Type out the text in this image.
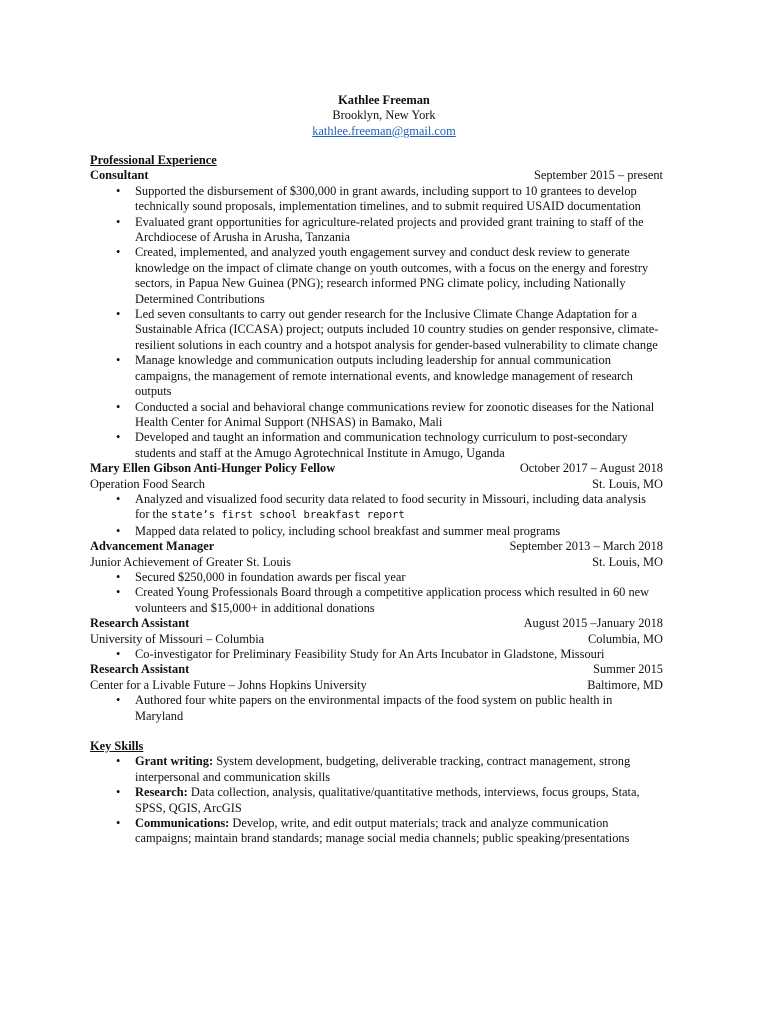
Kathlee Freeman
Brooklyn, New York
kathlee.freeman@gmail.com
Professional Experience
Consultant	September 2015 – present
• Supported the disbursement of $300,000 in grant awards, including support to 10 grantees to develop technically sound proposals, implementation timelines, and to submit required USAID documentation
• Evaluated grant opportunities for agriculture-related projects and provided grant training to staff of the Archdiocese of Arusha in Arusha, Tanzania
• Created, implemented, and analyzed youth engagement survey and conduct desk review to generate knowledge on the impact of climate change on youth outcomes, with a focus on the energy and forestry sectors, in Papua New Guinea (PNG); research informed PNG climate policy, including Nationally Determined Contributions
• Led seven consultants to carry out gender research for the Inclusive Climate Change Adaptation for a Sustainable Africa (ICCASA) project; outputs included 10 country studies on gender responsive, climate-resilient solutions in each country and a hotspot analysis for gender-based vulnerability to climate change
• Manage knowledge and communication outputs including leadership for annual communication campaigns, the management of remote international events, and knowledge management of research outputs
• Conducted a social and behavioral change communications review for zoonotic diseases for the National Health Center for Animal Support (NHSAS) in Bamako, Mali
• Developed and taught an information and communication technology curriculum to post-secondary students and staff at the Amugo Agrotechnical Institute in Amugo, Uganda
Mary Ellen Gibson Anti-Hunger Policy Fellow	October 2017 – August 2018
Operation Food Search	St. Louis, MO
• Analyzed and visualized food security data related to food security in Missouri, including data analysis for the state’s first school breakfast report
• Mapped data related to policy, including school breakfast and summer meal programs
Advancement Manager	September 2013 – March 2018
Junior Achievement of Greater St. Louis	St. Louis, MO
• Secured $250,000 in foundation awards per fiscal year
• Created Young Professionals Board through a competitive application process which resulted in 60 new volunteers and $15,000+ in additional donations
Research Assistant	August 2015 –January 2018
University of Missouri – Columbia	Columbia, MO
• Co-investigator for Preliminary Feasibility Study for An Arts Incubator in Gladstone, Missouri
Research Assistant	Summer 2015
Center for a Livable Future – Johns Hopkins University	Baltimore, MD
• Authored four white papers on the environmental impacts of the food system on public health in Maryland
Key Skills
• Grant writing: System development, budgeting, deliverable tracking, contract management, strong interpersonal and communication skills
• Research: Data collection, analysis, qualitative/quantitative methods, interviews, focus groups, Stata, SPSS, QGIS, ArcGIS
• Communications: Develop, write, and edit output materials; track and analyze communication campaigns; maintain brand standards; manage social media channels; public speaking/presentations
